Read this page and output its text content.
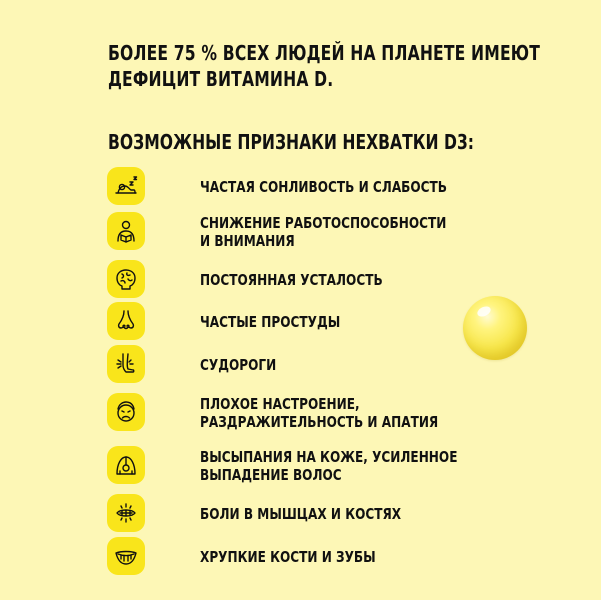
БОЛЕЕ 75 % ВСЕХ ЛЮДЕЙ НА ПЛАНЕТЕ ИМЕЮТ
ДЕФИЦИТ ВИТАМИНА D.
ВОЗМОЖНЫЕ ПРИЗНАКИ НЕХВАТКИ D3:
ЧАСТАЯ СОНЛИВОСТЬ И СЛАБОСТЬ
СНИЖЕНИЕ РАБОТОСПОСОБНОСТИ
И ВНИМАНИЯ
ПОСТОЯННАЯ УСТАЛОСТЬ
ЧАСТЫЕ ПРОСТУДЫ
СУДОРОГИ
ПЛОХОЕ НАСТРОЕНИЕ,
РАЗДРАЖИТЕЛЬНОСТЬ И АПАТИЯ
ВЫСЫПАНИЯ НА КОЖЕ, УСИЛЕННОЕ
ВЫПАДЕНИЕ ВОЛОС
БОЛИ В МЫШЦАХ И КОСТЯХ
ХРУПКИЕ КОСТИ И ЗУБЫ
